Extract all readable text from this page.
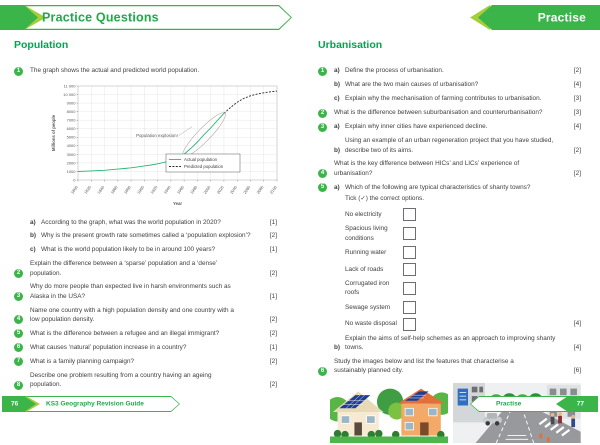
Practice Questions	Practise
Population
1	The graph shows the actual and predicted world population.
0
1000
2000
3000
4000
5000
6000
7000
8000
9000
10 000
11 000
1800 1820 1840 1860 1880 1900 1920 1940 1960 1980 2000 2020 2040 2060 2080 2100
Millions of people
Year
Population explosion!
Actual population
Predicted population
a) According to the graph, what was the world population in 2020?	[1]
b) Why is the present growth rate sometimes called a ‘population explosion’?	[2]
c) What is the world population likely to be in around 100 years?	[1]
2
Explain the difference between a ‘sparse’ population and a ‘dense’ population.	[2]
3
Why do more people than expected live in harsh environments such as Alaska in the USA?	[1]
4
Name one country with a high population density and one country with a low population density.	[2]
5	What is the difference between a refugee and an illegal immigrant?	[2]
6	What causes ‘natural’ population increase in a country?	[1]
7	What is a family planning campaign?	[2]
8
Describe one problem resulting from a country having an ageing population.	[2]
Urbanisation
1	a) Define the process of urbanisation.	[2]
b) What are the two main causes of urbanisation?	[4]
c) Explain why the mechanisation of farming contributes to urbanisation.	[3]
2	What is the difference between suburbanisation and counterurbanisation?	[3]
3	a) Explain why inner cities have experienced decline.	[4]
b)
Using an example of an urban regeneration project that you have studied, describe two of its aims.	[2]
4
What is the key difference between HICs’ and LICs’ experience of urbanisation?	[2]
5	a) Which of the following are typical characteristics of shanty towns?
Tick (✓) the correct options.
No electricity
Spacious living conditions
Running water
Lack of roads
Corrugated iron roofs
Sewage system
No waste disposal	[4]
b)
Explain the aims of self-help schemes as an approach to improving shanty towns.	[4]
6
Study the images below and list the features that characterise a sustainably planned city.	[6]
76	KS3 Geography Revision Guide	77
Practise
